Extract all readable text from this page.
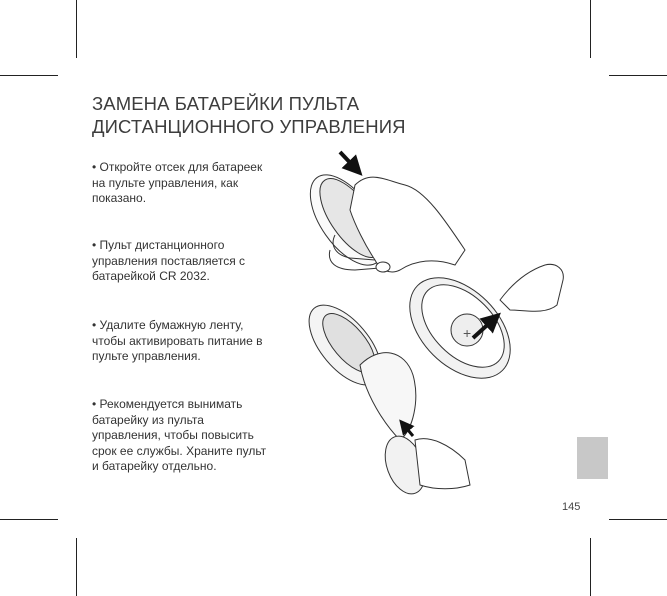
ЗАМЕНА БАТАРЕЙКИ ПУЛЬТА
ДИСТАНЦИОННОГО УПРАВЛЕНИЯ
• Откройте отсек для батареек
на пульте управления, как
показано.
• Пульт дистанционного
управления поставляется с
батарейкой CR 2032.
• Удалите бумажную ленту,
чтобы активировать питание в
пульте управления.
• Рекомендуется вынимать
батарейку из пульта
управления, чтобы повысить
срок ее службы. Храните пульт
и батарейку отдельно.
+
145
